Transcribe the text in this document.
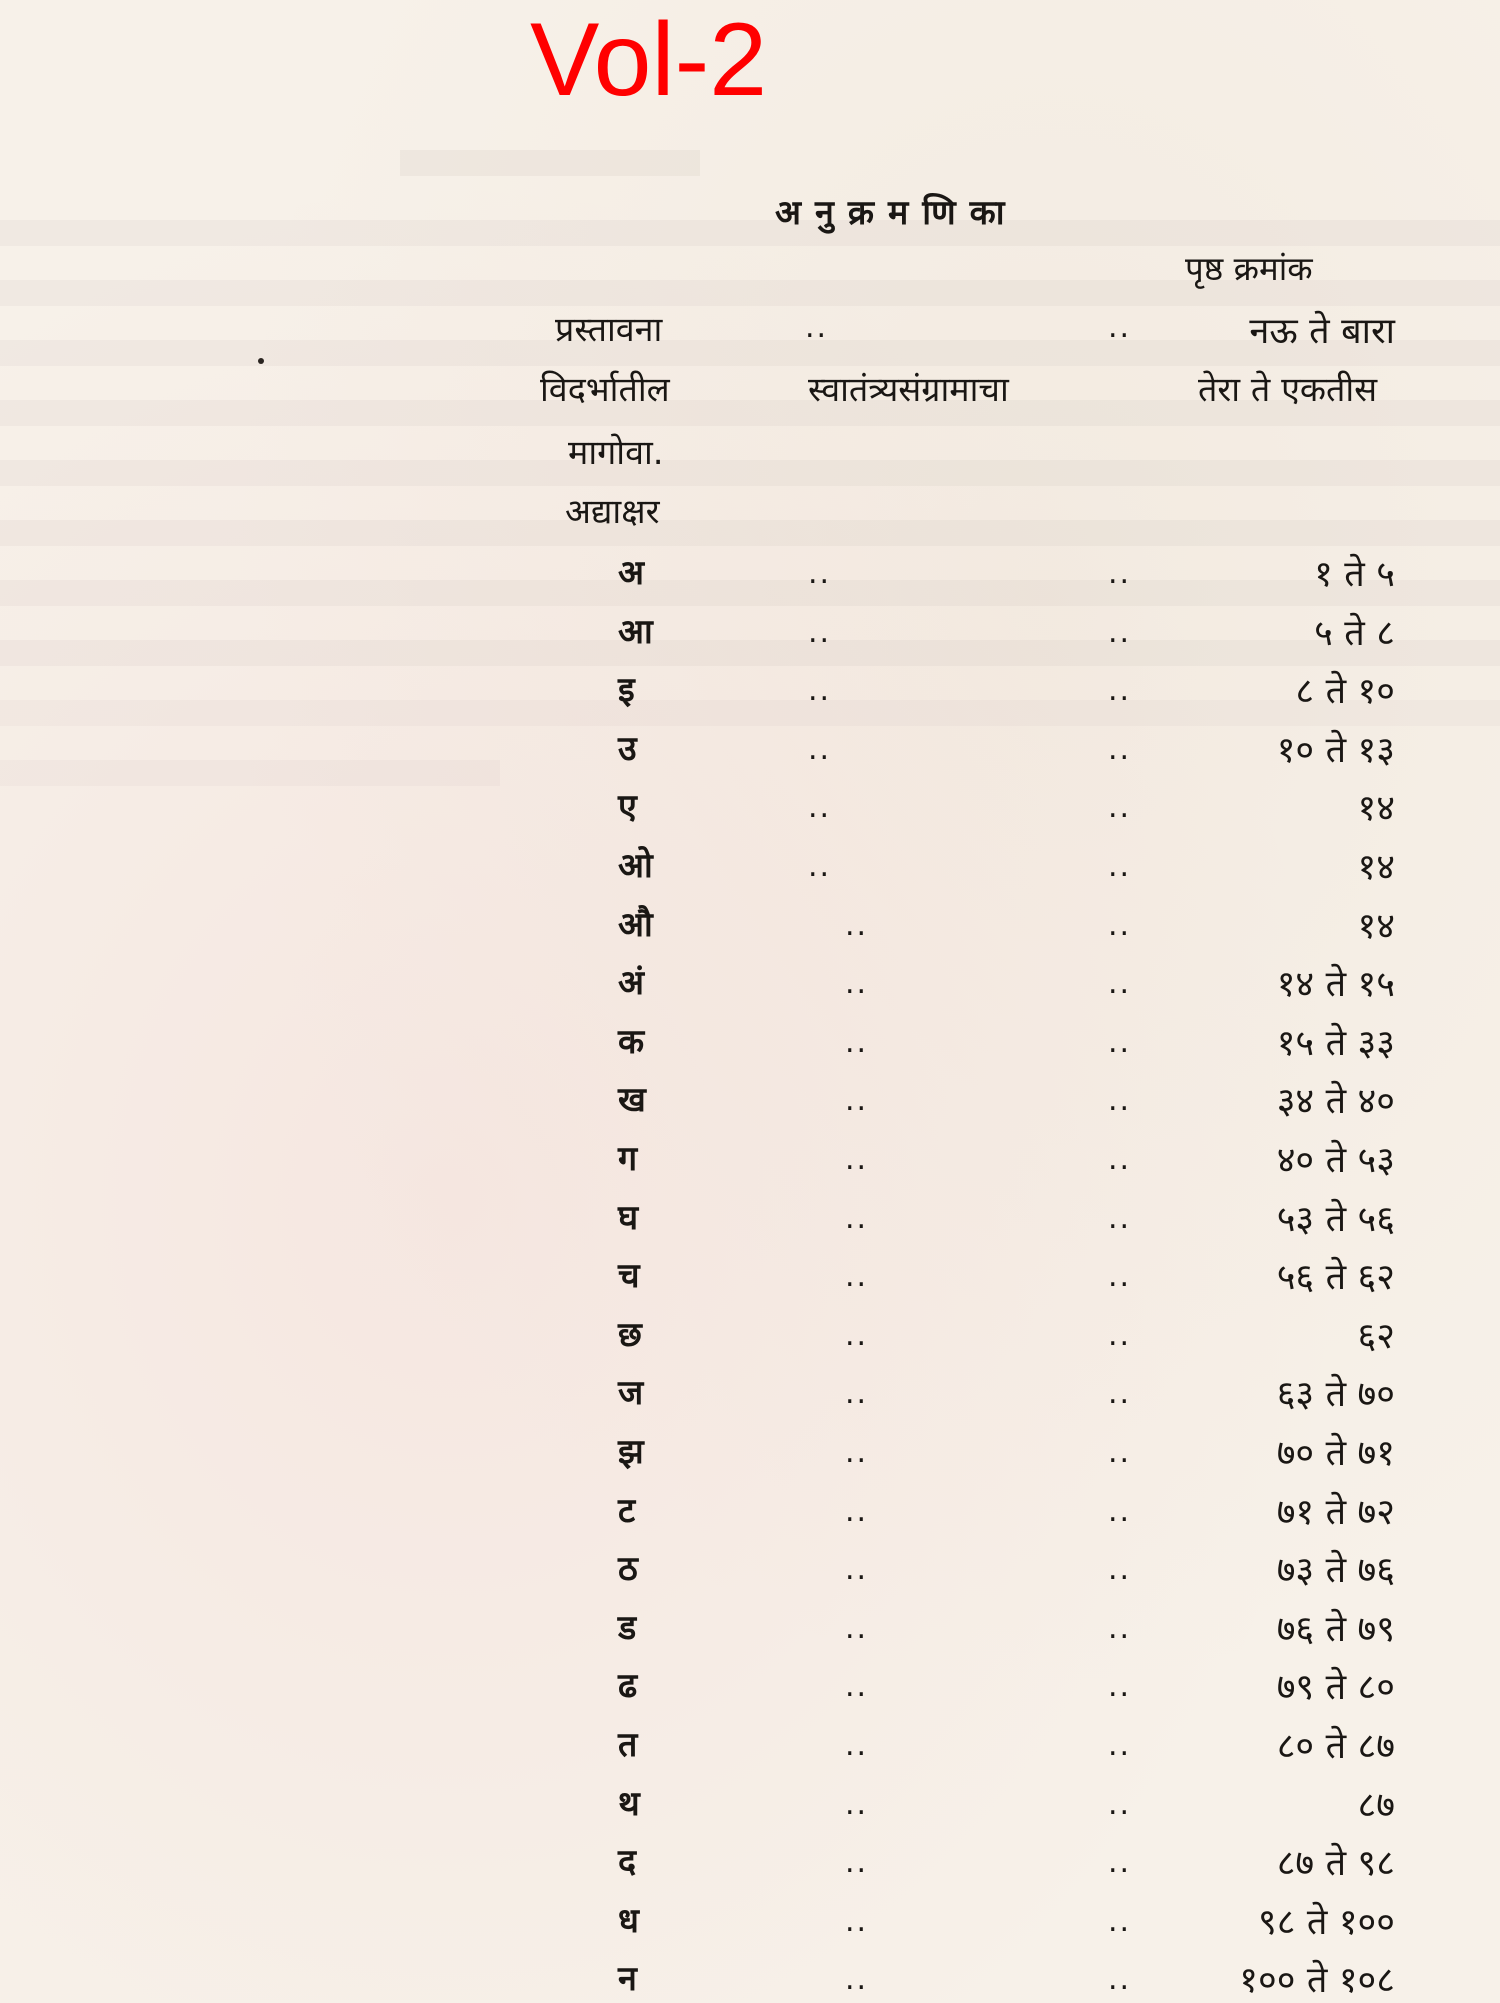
Vol-2
अनुक्रमणिका
पृष्ठ क्रमांक
प्रस्तावना	..	..	नऊ ते बारा
विदर्भातील	स्वातंत्र्यसंग्रामाचा	तेरा ते एकतीस
मागोवा.
अद्याक्षर
अ	..	..	१ ते ५
आ	..	..	५ ते ८
इ	..	..	८ ते १०
उ	..	..	१० ते १३
ए	..	..	१४
ओ	..	..	१४
औ	..	..	१४
अं	..	..	१४ ते १५
क	..	..	१५ ते ३३
ख	..	..	३४ ते ४०
ग	..	..	४० ते ५३
घ	..	..	५३ ते ५६
च	..	..	५६ ते ६२
छ	..	..	६२
ज	..	..	६३ ते ७०
झ	..	..	७० ते ७१
ट	..	..	७१ ते ७२
ठ	..	..	७३ ते ७६
ड	..	..	७६ ते ७९
ढ	..	..	७९ ते ८०
त	..	..	८० ते ८७
थ	..	..	८७
द	..	..	८७ ते ९८
ध	..	..	९८ ते १००
न	..	..	१०० ते १०८
